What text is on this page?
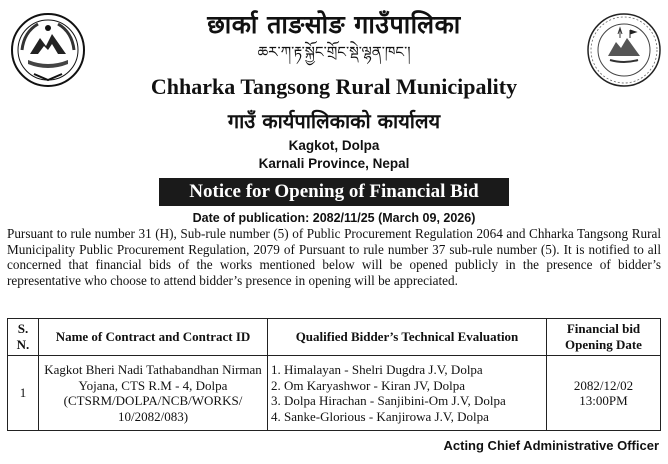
छार्का ताङसोङ गाउँपालिका
ཆར་ཀ་རྟ་སྐྱོང་གྲོང་སྡེ་ལྷན་ཁང་།
Chharka Tangsong Rural Municipality
गाउँ कार्यपालिकाको कार्यालय
Kagkot, Dolpa
Karnali Province, Nepal
Notice for Opening of Financial Bid
Date of publication: 2082/11/25 (March 09, 2026)
Pursuant to rule number 31 (H), Sub-rule number (5) of Public Procurement Regulation 2064 and Chharka Tangsong Rural Municipality Public Procurement Regulation, 2079 of Pursuant to rule number 37 sub-rule number (5). It is notified to all concerned that financial bids of the works mentioned below will be opened publicly in the presence of bidder’s representative who choose to attend bidder’s presence in opening will be appreciated.
S. N.	Name of Contract and Contract ID	Qualified Bidder’s Technical Evaluation	Financial bid Opening Date
1	Kagkot Bheri Nadi Tathabandhan Nirman Yojana, CTS R.M - 4, Dolpa (CTSRM/DOLPA/NCB/WORKS/ 10/2082/083)	1. Himalayan - Shelri Dugdra J.V, Dolpa
2. Om Karyashwor - Kiran JV, Dolpa
3. Dolpa Hirachan - Sanjibini-Om J.V, Dolpa
4. Sanke-Glorious - Kanjirowa J.V, Dolpa	2082/12/02
13:00PM
Acting Chief Administrative Officer
